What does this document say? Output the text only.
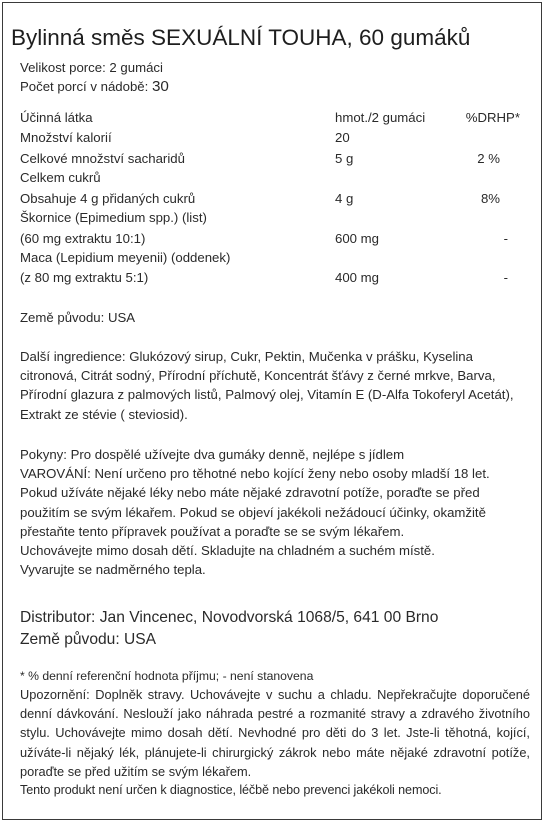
Bylinná směs SEXUÁLNÍ TOUHA, 60 gumáků
Velikost porce: 2 gumáci
Počet porcí v nádobě: 30
Účinná látka	hmot./2 gumáci	%DRHP*
Množství kalorií	20
Celkové množství sacharidů	5 g	2 %
Celkem cukrů
Obsahuje 4 g přidaných cukrů	4 g	8%
Škornice (Epimedium spp.) (list)
(60 mg extraktu 10:1)	600 mg	-
Maca (Lepidium meyenii) (oddenek)
(z 80 mg extraktu 5:1)	400 mg	-
Země původu: USA
Další ingredience: Glukózový sirup, Cukr, Pektin, Mučenka v prášku, Kyselina citronová, Citrát sodný, Přírodní příchutě, Koncentrát šťávy z černé mrkve, Barva, Přírodní glazura z palmových listů, Palmový olej, Vitamín E (D-Alfa Tokoferyl Acetát), Extrakt ze stévie ( steviosid).
Pokyny: Pro dospělé užívejte dva gumáky denně, nejlépe s jídlem
VAROVÁNÍ: Není určeno pro těhotné nebo kojící ženy nebo osoby mladší 18 let. Pokud užíváte nějaké léky nebo máte nějaké zdravotní potíže, poraďte se před použitím se svým lékařem. Pokud se objeví jakékoli nežádoucí účinky, okamžitě přestaňte tento přípravek používat a poraďte se se svým lékařem.
Uchovávejte mimo dosah dětí. Skladujte na chladném a suchém místě.
Vyvarujte se nadměrného tepla.
Distributor: Jan Vincenec, Novodvorská 1068/5, 641 00 Brno
Země původu: USA
* % denní referenční hodnota příjmu; - není stanovena
Upozornění: Doplněk stravy. Uchovávejte v suchu a chladu. Nepřekračujte doporučené denní dávkování. Neslouží jako náhrada pestré a rozmanité stravy a zdravého životního stylu. Uchovávejte mimo dosah dětí. Nevhodné pro děti do 3 let. Jste-li těhotná, kojící, užíváte-li nějaký lék, plánujete-li chirurgický zákrok nebo máte nějaké zdravotní potíže, poraďte se před užitím se svým lékařem.
Tento produkt není určen k diagnostice, léčbě nebo prevenci jakékoli nemoci.
